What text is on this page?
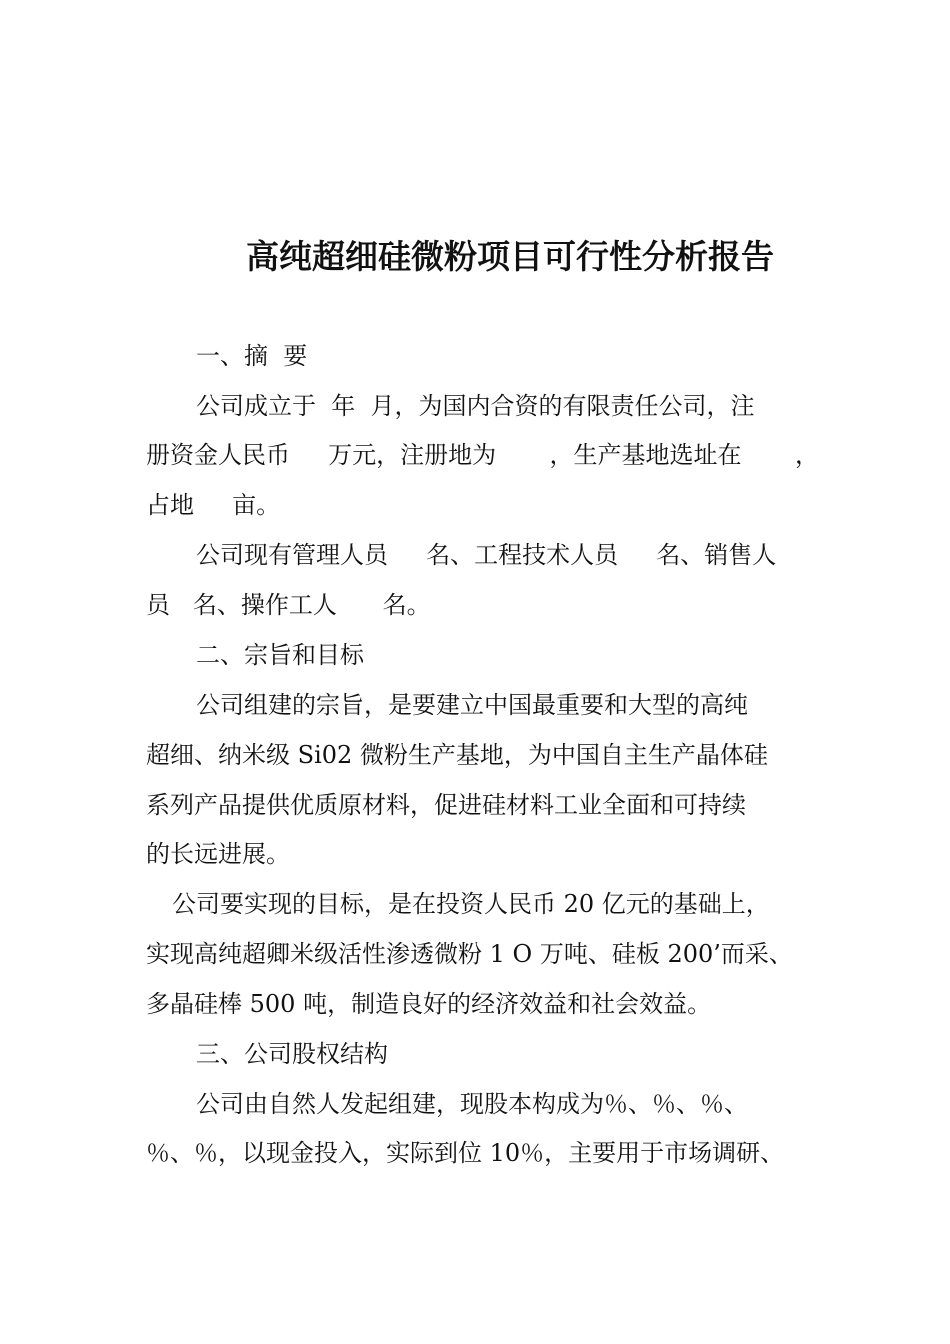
高纯超细硅微粉项目可行性分析报告
一、摘  要
公司成立于  年  月，为国内合资的有限责任公司，注
册资金人民币     万元，注册地为       ，生产基地选址在       ，
占地     亩。
公司现有管理人员     名、工程技术人员     名、销售人
员   名、操作工人      名。
二、宗旨和目标
公司组建的宗旨，是要建立中国最重要和大型的高纯
超细、纳米级 Si02 微粉生产基地，为中国自主生产晶体硅
系列产品提供优质原材料，促进硅材料工业全面和可持续
的长远进展。
公司要实现的目标，是在投资人民币 20 亿元的基础上，
实现高纯超卿米级活性渗透微粉 1 O 万吨、硅板 200’而采、
多晶硅棒 500 吨，制造良好的经济效益和社会效益。
三、公司股权结构
公司由自然人发起组建，现股本构成为％、％、％、
％、％，以现金投入，实际到位 10％，主要用于市场调研、
